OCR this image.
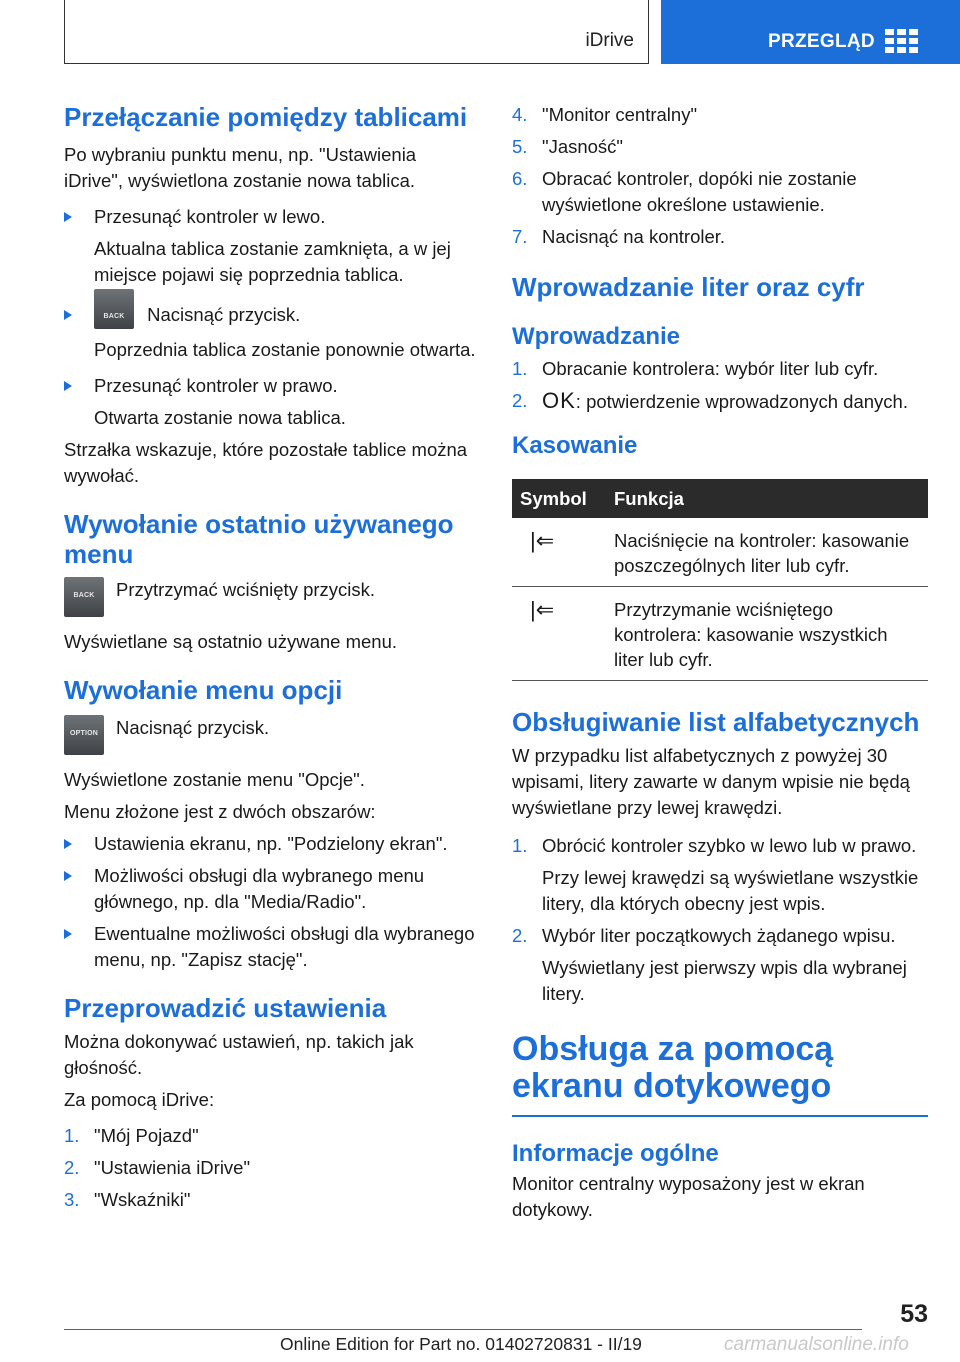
iDrive	PRZEGLĄD
Przełączanie pomiędzy tablicami

Po wybraniu punktu menu, np. "Ustawienia iDrive", wyświetlona zostanie nowa tablica.

Przesunąć kontroler w lewo.

Aktualna tablica zostanie zamknięta, a w jej miejsce pojawi się poprzednia tablica.

BACK	Nacisnąć przycisk.

Poprzednia tablica zostanie ponownie otwarta.

Przesunąć kontroler w prawo.

Otwarta zostanie nowa tablica.

Strzałka wskazuje, które pozostałe tablice można wywołać.

Wywołanie ostatnio używanego menu
BACK	Przytrzymać wciśnięty przycisk.

Wyświetlane są ostatnio używane menu.

Wywołanie menu opcji
OPTION Nacisnąć przycisk.

Wyświetlone zostanie menu "Opcje".

Menu złożone jest z dwóch obszarów:

Ustawienia ekranu, np. "Podzielony ekran".

Możliwości obsługi dla wybranego menu głównego, np. dla "Media/Radio".

Ewentualne możliwości obsługi dla wybranego menu, np. "Zapisz stację".

Przeprowadzić ustawienia

Można dokonywać ustawień, np. takich jak głośność.

Za pomocą iDrive:

1. "Mój Pojazd"

2. "Ustawienia iDrive"

3. "Wskaźniki"

4. "Monitor centralny"

5. "Jasność"

6. Obracać kontroler, dopóki nie zostanie wyświetlone określone ustawienie.

7. Nacisnąć na kontroler.

Wprowadzanie liter oraz cyfr
Wprowadzanie

1. Obracanie kontrolera: wybór liter lub cyfr.

2. OK: potwierdzenie wprowadzonych danych.

Kasowanie
Symbol	Funkcja
|⇐	Naciśnięcie na kontroler: kasowanie poszczególnych liter lub cyfr.
|⇐	Przytrzymanie wciśniętego kontrolera: kasowanie wszystkich liter lub cyfr.
Obsługiwanie list alfabetycznych

W przypadku list alfabetycznych z powyżej 30 wpisami, litery zawarte w danym wpisie nie będą wyświetlane przy lewej krawędzi.

1. Obrócić kontroler szybko w lewo lub w prawo.

Przy lewej krawędzi są wyświetlane wszystkie litery, dla których obecny jest wpis.

2. Wybór liter początkowych żądanego wpisu.

Wyświetlany jest pierwszy wpis dla wybranej litery.

Obsługa za pomocą ekranu dotykowego
Informacje ogólne

Monitor centralny wyposażony jest w ekran dotykowy.

53
Online Edition for Part no. 01402720831 - II/19	carmanualsonline.info
